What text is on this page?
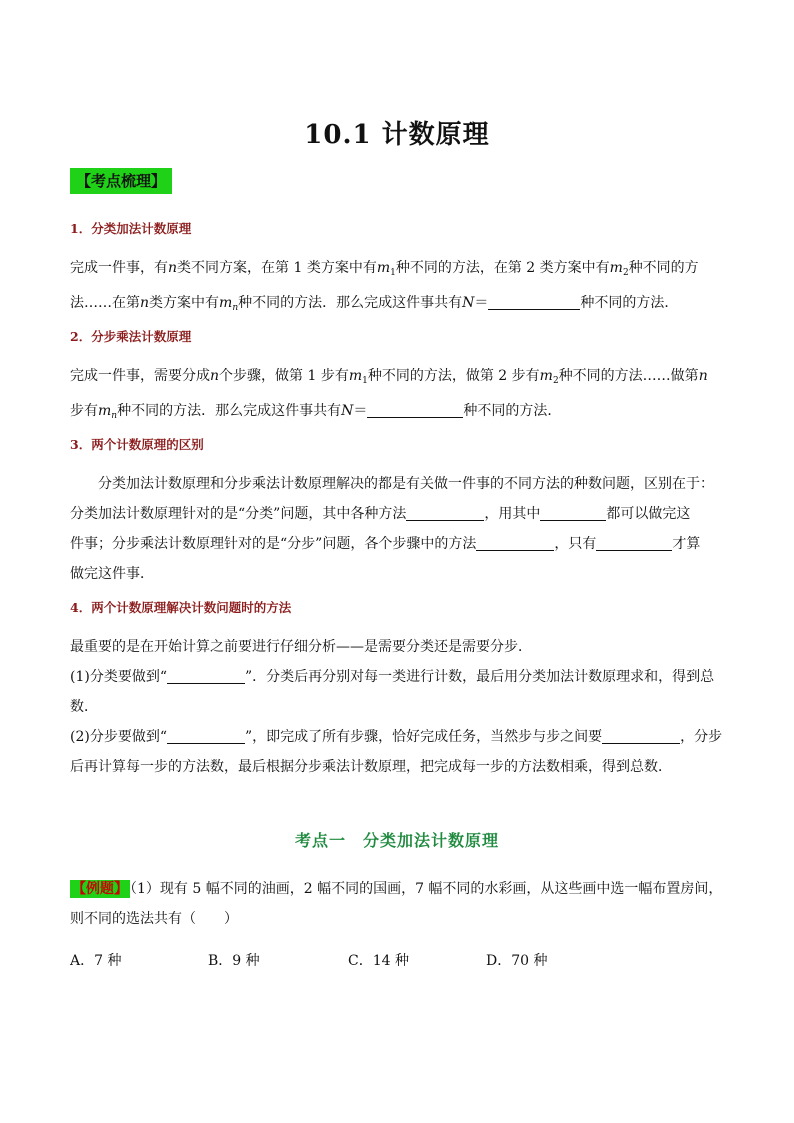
10.1 计数原理
【考点梳理】
1．分类加法计数原理
完成一件事，有n类不同方案，在第 1 类方案中有$m_1$种不同的方法，在第 2 类方案中有$m_2$种不同的方
法……在第n类方案中有$m_n$种不同的方法．那么完成这件事共有N＝	种不同的方法．
2．分步乘法计数原理
完成一件事，需要分成n个步骤，做第 1 步有$m_1$种不同的方法，做第 2 步有$m_2$种不同的方法……做第n
步有$m_n$种不同的方法．那么完成这件事共有N＝	种不同的方法．
3．两个计数原理的区别
分类加法计数原理和分步乘法计数原理解决的都是有关做一件事的不同方法的种数问题，区别在于：
分类加法计数原理针对的是“分类”问题，其中各种方法	，用其中	都可以做完这
件事；分步乘法计数原理针对的是“分步”问题，各个步骤中的方法	，只有	才算
做完这件事．
4．两个计数原理解决计数问题时的方法
最重要的是在开始计算之前要进行仔细分析——是需要分类还是需要分步．
(1)分类要做到“	”．分类后再分别对每一类进行计数，最后用分类加法计数原理求和，得到总
数．
(2)分步要做到“	”，即完成了所有步骤，恰好完成任务，当然步与步之间要	，分步
后再计算每一步的方法数，最后根据分步乘法计数原理，把完成每一步的方法数相乘，得到总数．
考点一　分类加法计数原理
【例题】 （1）现有 5 幅不同的油画，2 幅不同的国画，7 幅不同的水彩画，从这些画中选一幅布置房间，
则不同的选法共有（　　）
A．7 种	B．9 种	C．14 种	D．70 种
